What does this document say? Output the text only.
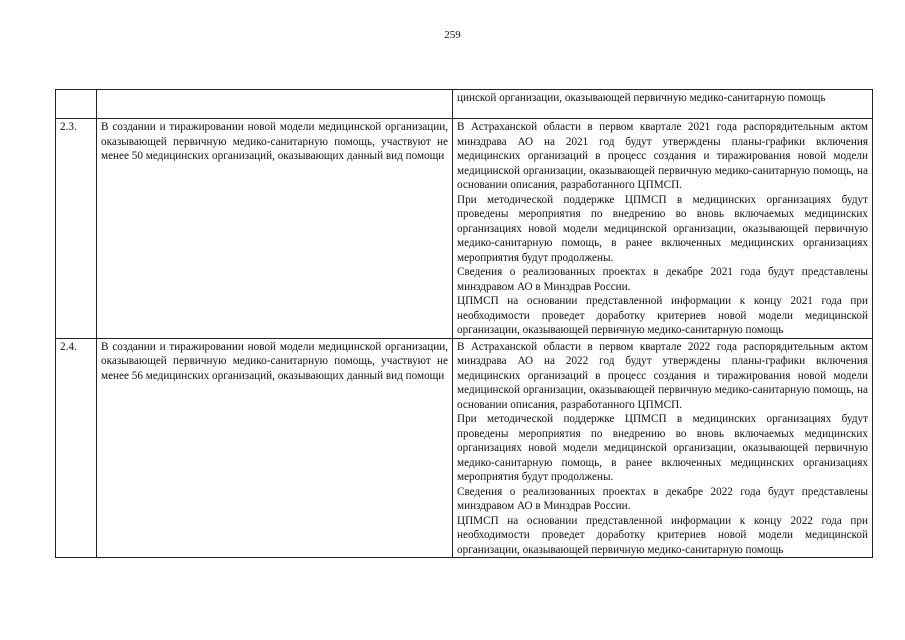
259

		цинской организации, оказывающей первичную медико-санитарную помощь

2.3.	В создании и тиражировании новой модели медицинской организации, оказывающей первичную медико-санитарную помощь, участвуют не менее 50 медицинских организаций, оказывающих данный вид помощи	В Астраханской области в первом квартале 2021 года распорядительным актом минздрава АО на 2021 год будут утверждены планы-графики включения медицинских организаций в процесс создания и тиражирования новой модели медицинской организации, оказывающей первичную медико-санитарную помощь, на основании описания, разработанного ЦПМСП.

При методической поддержке ЦПМСП в медицинских организациях будут проведены мероприятия по внедрению во вновь включаемых медицинских организациях новой модели медицинской организации, оказывающей первичную медико-санитарную помощь, в ранее включенных медицинских организациях мероприятия будут продолжены.

Сведения о реализованных проектах в декабре 2021 года будут представлены минздравом АО в Минздрав России.

ЦПМСП на основании представленной информации к концу 2021 года при необходимости проведет доработку критериев новой модели медицинской организации, оказывающей первичную медико-санитарную помощь

2.4.	В создании и тиражировании новой модели медицинской организации, оказывающей первичную медико-санитарную помощь, участвуют не менее 56 медицинских организаций, оказывающих данный вид помощи	В Астраханской области в первом квартале 2022 года распорядительным актом минздрава АО на 2022 год будут утверждены планы-графики включения медицинских организаций в процесс создания и тиражирования новой модели медицинской организации, оказывающей первичную медико-санитарную помощь, на основании описания, разработанного ЦПМСП.

При методической поддержке ЦПМСП в медицинских организациях будут проведены мероприятия по внедрению во вновь включаемых медицинских организациях новой модели медицинской организации, оказывающей первичную медико-санитарную помощь, в ранее включенных медицинских организациях мероприятия будут продолжены.

Сведения о реализованных проектах в декабре 2022 года будут представлены минздравом АО в Минздрав России.

ЦПМСП на основании представленной информации к концу 2022 года при необходимости проведет доработку критериев новой модели медицинской организации, оказывающей первичную медико-санитарную помощь
